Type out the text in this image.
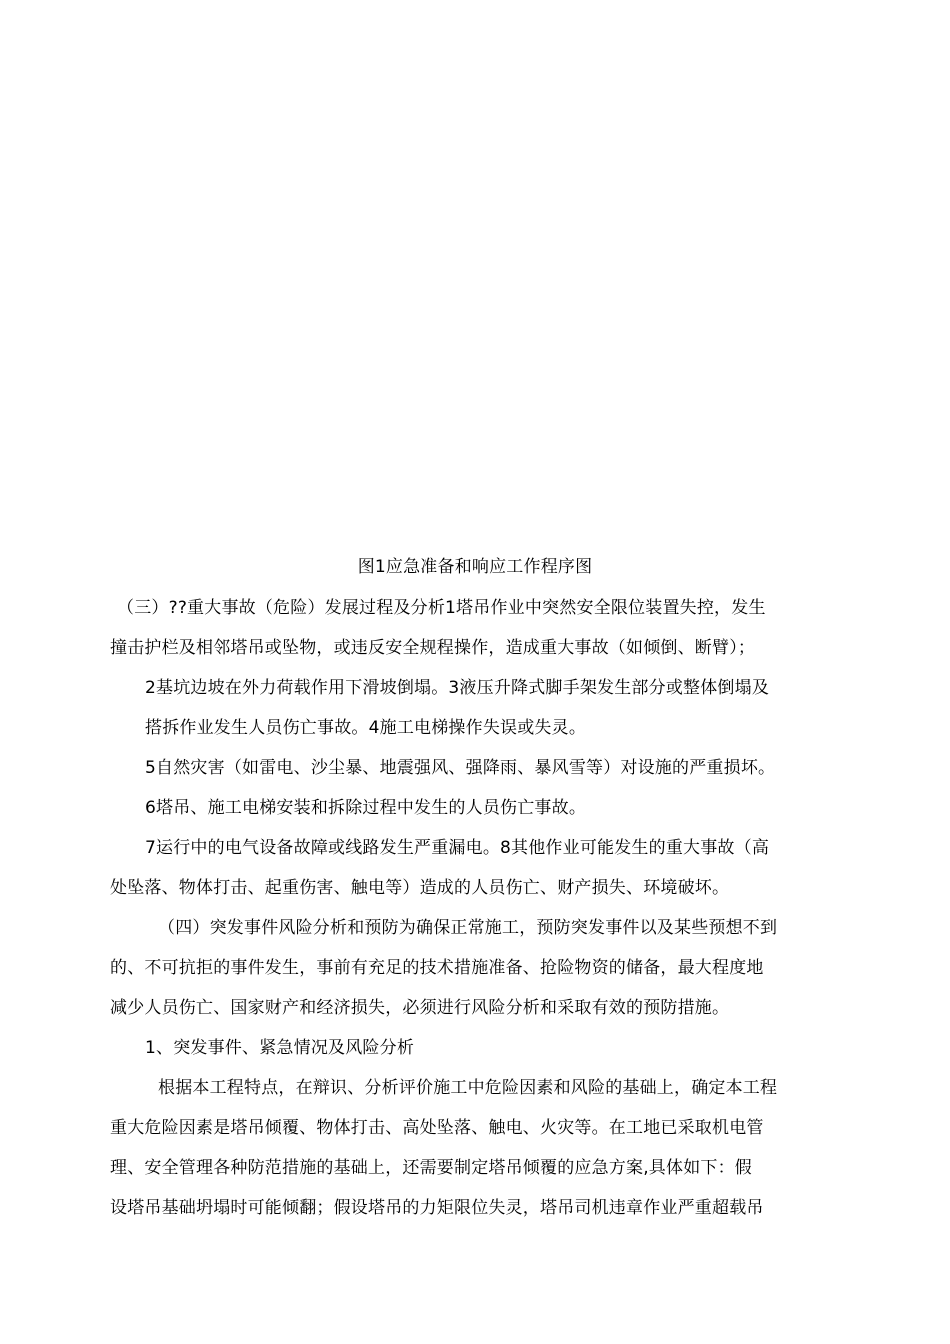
图1应急准备和响应工作程序图
（三）??重大事故（危险）发展过程及分析1塔吊作业中突然安全限位装置失控，发生
撞击护栏及相邻塔吊或坠物，或违反安全规程操作，造成重大事故（如倾倒、断臂）；
2基坑边坡在外力荷载作用下滑坡倒塌。3液压升降式脚手架发生部分或整体倒塌及
搭拆作业发生人员伤亡事故。4施工电梯操作失误或失灵。
5自然灾害（如雷电、沙尘暴、地震强风、强降雨、暴风雪等）对设施的严重损坏。
6塔吊、施工电梯安装和拆除过程中发生的人员伤亡事故。
7运行中的电气设备故障或线路发生严重漏电。8其他作业可能发生的重大事故（高
处坠落、物体打击、起重伤害、触电等）造成的人员伤亡、财产损失、环境破坏。
（四）突发事件风险分析和预防为确保正常施工，预防突发事件以及某些预想不到
的、不可抗拒的事件发生，事前有充足的技术措施准备、抢险物资的储备，最大程度地
减少人员伤亡、国家财产和经济损失，必须进行风险分析和采取有效的预防措施。
1、突发事件、紧急情况及风险分析
根据本工程特点，在辩识、分析评价施工中危险因素和风险的基础上，确定本工程
重大危险因素是塔吊倾覆、物体打击、高处坠落、触电、火灾等。在工地已采取机电管
理、安全管理各种防范措施的基础上，还需要制定塔吊倾覆的应急方案,具体如下：假
设塔吊基础坍塌时可能倾翻；假设塔吊的力矩限位失灵，塔吊司机违章作业严重超载吊
